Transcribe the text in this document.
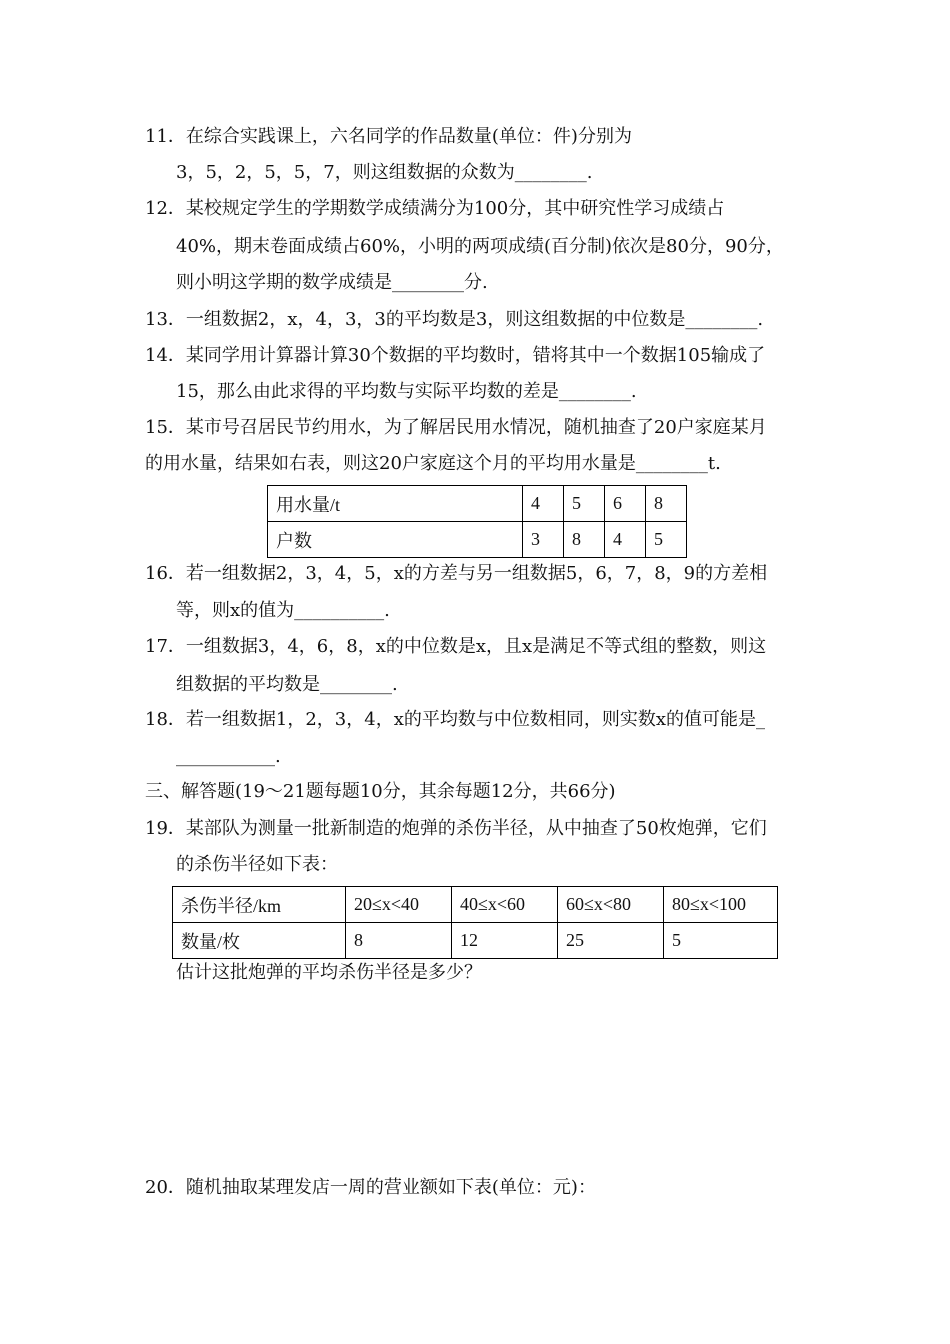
11．在综合实践课上，六名同学的作品数量(单位：件)分别为
3，5，2，5，5，7，则这组数据的众数为________.
12．某校规定学生的学期数学成绩满分为100分，其中研究性学习成绩占
40%，期末卷面成绩占60%，小明的两项成绩(百分制)依次是80分，90分，
则小明这学期的数学成绩是________分.
13．一组数据2，x，4，3，3的平均数是3，则这组数据的中位数是________.
14．某同学用计算器计算30个数据的平均数时，错将其中一个数据105输成了
15，那么由此求得的平均数与实际平均数的差是________.
15．某市号召居民节约用水，为了解居民用水情况，随机抽查了20户家庭某月
的用水量，结果如右表，则这20户家庭这个月的平均用水量是________t.
用水量/t	4	5	6	8
户数	3	8	4	5
16．若一组数据2，3，4，5，x的方差与另一组数据5，6，7，8，9的方差相
等，则x的值为__________.
17．一组数据3，4，6，8，x的中位数是x，且x是满足不等式组的整数，则这
组数据的平均数是________.
18．若一组数据1，2，3，4，x的平均数与中位数相同，则实数x的值可能是_
___________.
三、解答题(19～21题每题10分，其余每题12分，共66分)
19．某部队为测量一批新制造的炮弹的杀伤半径，从中抽查了50枚炮弹，它们
的杀伤半径如下表：
杀伤半径/km	20≤x<40	40≤x<60	60≤x<80	80≤x<100
数量/枚	8	12	25	5
估计这批炮弹的平均杀伤半径是多少？
20．随机抽取某理发店一周的营业额如下表(单位：元)：
